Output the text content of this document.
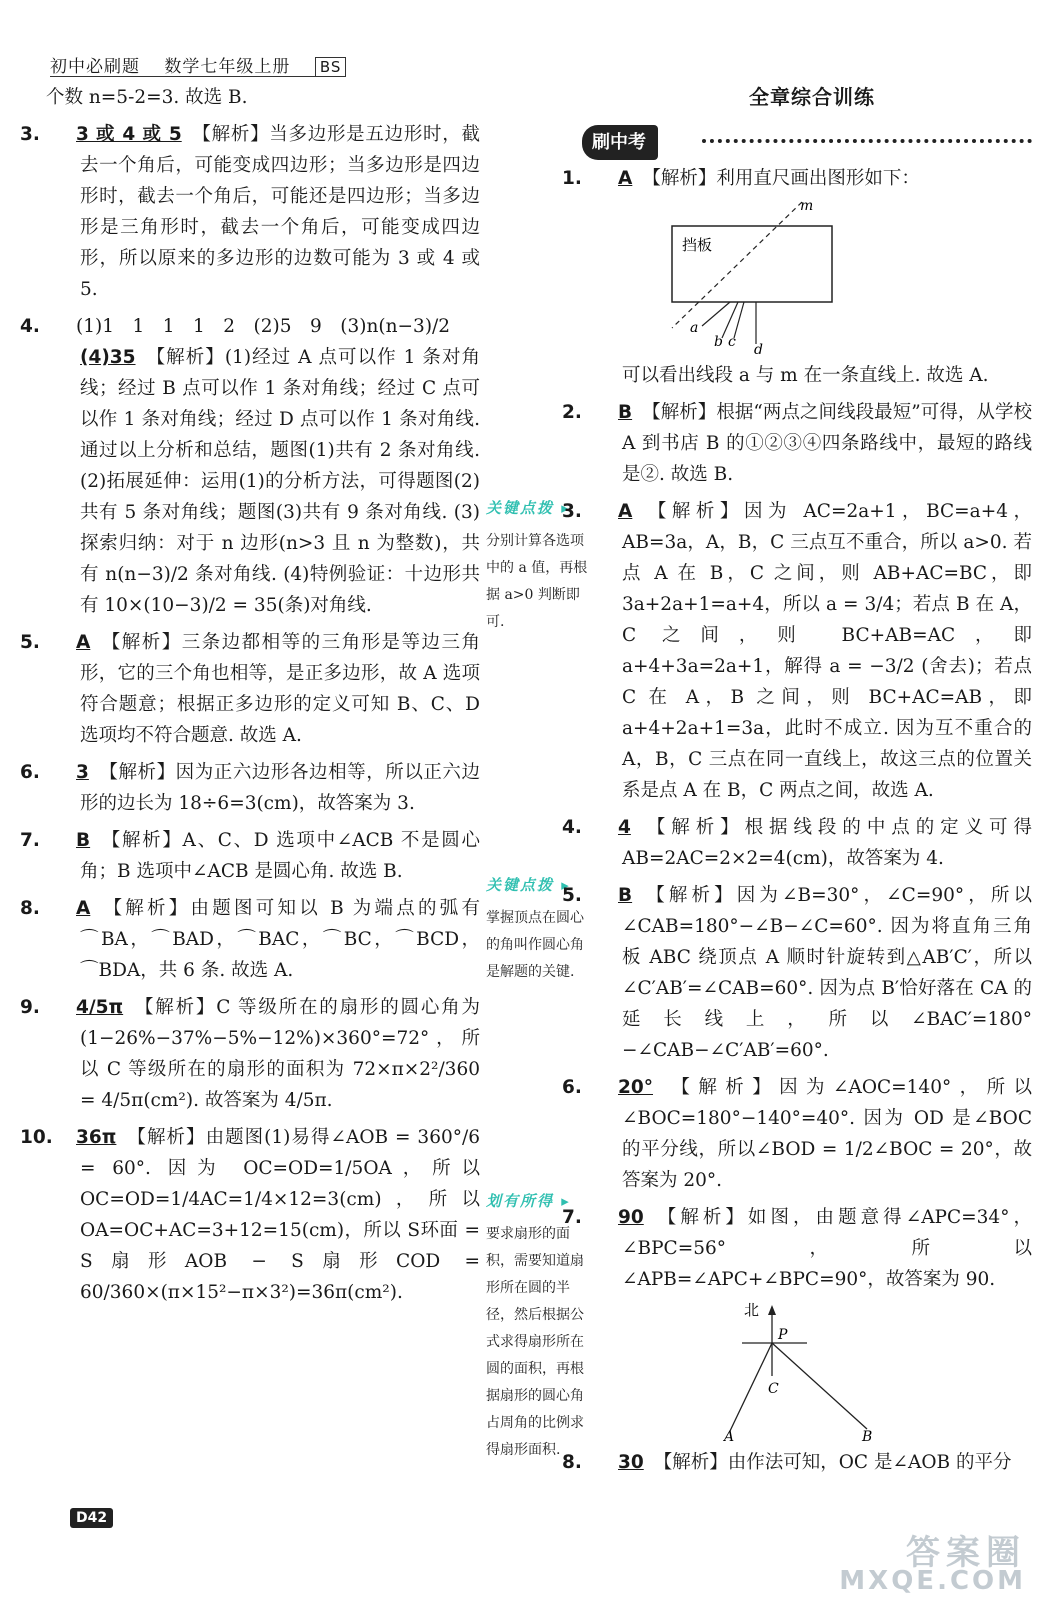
初中必刷题 数学七年级上册 BS

个数 n=5-2=3. 故选 B.

3. 3 或 4 或 5 【解析】当多边形是五边形时，截去一个角后，可能变成四边形；当多边形是四边形时，截去一个角后，可能还是四边形；当多边形是三角形时，截去一个角后，可能变成四边形，所以原来的多边形的边数可能为 3 或 4 或 5.

4. (1)1　1　1　1　2　(2)5　9　(3)n(n−3)/2

(4)35 【解析】(1)经过 A 点可以作 1 条对角线；经过 B 点可以作 1 条对角线；经过 C 点可以作 1 条对角线；经过 D 点可以作 1 条对角线. 通过以上分析和总结，题图(1)共有 2 条对角线. (2)拓展延伸：运用(1)的分析方法，可得题图(2)共有 5 条对角线；题图(3)共有 9 条对角线. (3)探索归纳：对于 n 边形(n>3 且 n 为整数)，共有 n(n−3)/2 条对角线. (4)特例验证：十边形共有 10×(10−3)/2 = 35(条)对角线.

5. A 【解析】三条边都相等的三角形是等边三角形，它的三个角也相等，是正多边形，故 A 选项符合题意；根据正多边形的定义可知 B、C、D 选项均不符合题意. 故选 A.

6. 3 【解析】因为正六边形各边相等，所以正六边形的边长为 18÷6=3(cm)，故答案为 3.

7. B 【解析】A、C、D 选项中∠ACB 不是圆心角；B 选项中∠ACB 是圆心角. 故选 B.

8. A 【解析】由题图可知以 B 为端点的弧有 ⌒BA，⌒BAD，⌒BAC，⌒BC，⌒BCD，⌒BDA，共 6 条. 故选 A.

9. 4/5π 【解析】C 等级所在的扇形的圆心角为 (1−26%−37%−5%−12%)×360°=72°，所以 C 等级所在的扇形的面积为 72×π×2²/360 = 4/5π(cm²). 故答案为 4/5π.

10. 36π 【解析】由题图(1)易得∠AOB = 360°/6 = 60°. 因为 OC=OD=1/5OA，所以 OC=OD=1/4AC=1/4×12=3(cm)，所以 OA=OC+AC=3+12=15(cm)，所以 S环面 = S扇形AOB − S扇形COD = 60/360×(π×15²−π×3²)=36π(cm²).

关键点拨 ▸
分别计算各选项中的 a 值，再根据 a>0 判断即可.
关键点拨 ▸
掌握顶点在圆心的角叫作圆心角是解题的关键.
划有所得 ▸
要求扇形的面积，需要知道扇形所在圆的半径，然后根据公式求得扇形所在圆的面积，再根据扇形的圆心角占周角的比例求得扇形面积.
全章综合训练
刷中考

1. A 【解析】利用直尺画出图形如下：

挡板
m
a
b c d

可以看出线段 a 与 m 在一条直线上. 故选 A.

2. B 【解析】根据“两点之间线段最短”可得，从学校 A 到书店 B 的①②③④四条路线中，最短的路线是②. 故选 B.

3. A 【解析】因为 AC=2a+1，BC=a+4，AB=3a，A，B，C 三点互不重合，所以 a>0. 若点 A 在 B，C 之间，则 AB+AC=BC，即 3a+2a+1=a+4，所以 a = 3/4；若点 B 在 A，C 之间，则 BC+AB=AC，即 a+4+3a=2a+1，解得 a = −3/2 (舍去)；若点 C 在 A，B 之间，则 BC+AC=AB，即 a+4+2a+1=3a，此时不成立. 因为互不重合的 A，B，C 三点在同一直线上，故这三点的位置关系是点 A 在 B，C 两点之间，故选 A.

4. 4 【解析】根据线段的中点的定义可得 AB=2AC=2×2=4(cm)，故答案为 4.

5. B 【解析】因为∠B=30°，∠C=90°，所以∠CAB=180°−∠B−∠C=60°. 因为将直角三角板 ABC 绕顶点 A 顺时针旋转到△AB′C′，所以∠C′AB′=∠CAB=60°. 因为点 B′恰好落在 CA 的延长线上，所以∠BAC′=180°−∠CAB−∠C′AB′=60°.

6. 20° 【解析】因为∠AOC=140°，所以∠BOC=180°−140°=40°. 因为 OD 是∠BOC 的平分线，所以∠BOD = 1/2∠BOC = 20°，故答案为 20°.

7. 90 【解析】如图，由题意得∠APC=34°，∠BPC=56°，所以∠APB=∠APC+∠BPC=90°，故答案为 90.

北
P
C
A	B

8. 30 【解析】由作法可知，OC 是∠AOB 的平分

D42
答案圈
MXQE.COM
